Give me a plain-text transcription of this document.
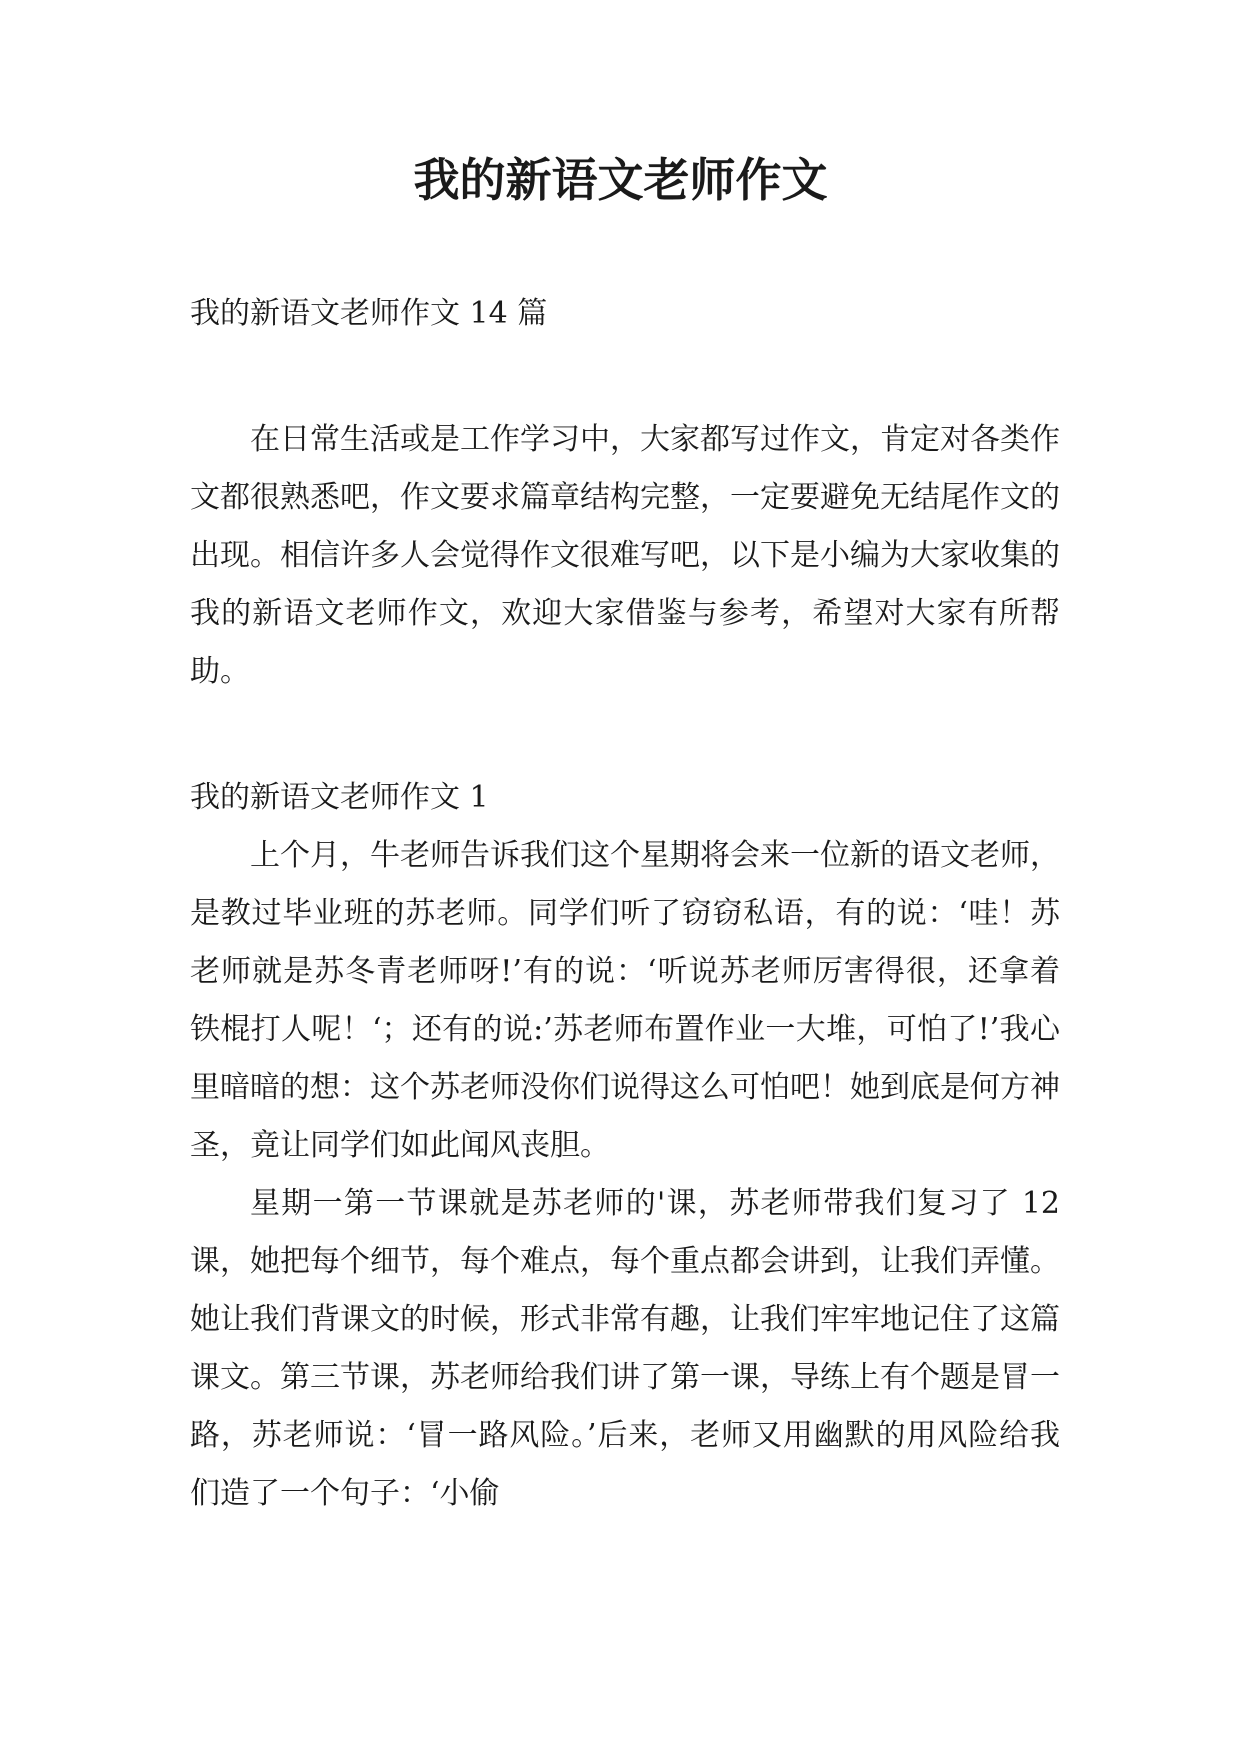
我的新语文老师作文

我的新语文老师作文 14 篇

在日常生活或是工作学习中，大家都写过作文，肯定对各类作文都很熟悉吧，作文要求篇章结构完整，一定要避免无结尾作文的出现。相信许多人会觉得作文很难写吧，以下是小编为大家收集的我的新语文老师作文，欢迎大家借鉴与参考，希望对大家有所帮助。

我的新语文老师作文 1

上个月，牛老师告诉我们这个星期将会来一位新的语文老师，是教过毕业班的苏老师。同学们听了窃窃私语，有的说：‘哇！苏老师就是苏冬青老师呀!’有的说：‘听说苏老师厉害得很，还拿着铁棍打人呢！‘；还有的说:’苏老师布置作业一大堆，可怕了!’我心里暗暗的想：这个苏老师没你们说得这么可怕吧！她到底是何方神圣，竟让同学们如此闻风丧胆。

星期一第一节课就是苏老师的'课，苏老师带我们复习了 12 课，她把每个细节，每个难点，每个重点都会讲到，让我们弄懂。她让我们背课文的时候，形式非常有趣，让我们牢牢地记住了这篇课文。第三节课，苏老师给我们讲了第一课，导练上有个题是冒一路，苏老师说：‘冒一路风险。’后来，老师又用幽默的用风险给我们造了一个句子：‘小偷
